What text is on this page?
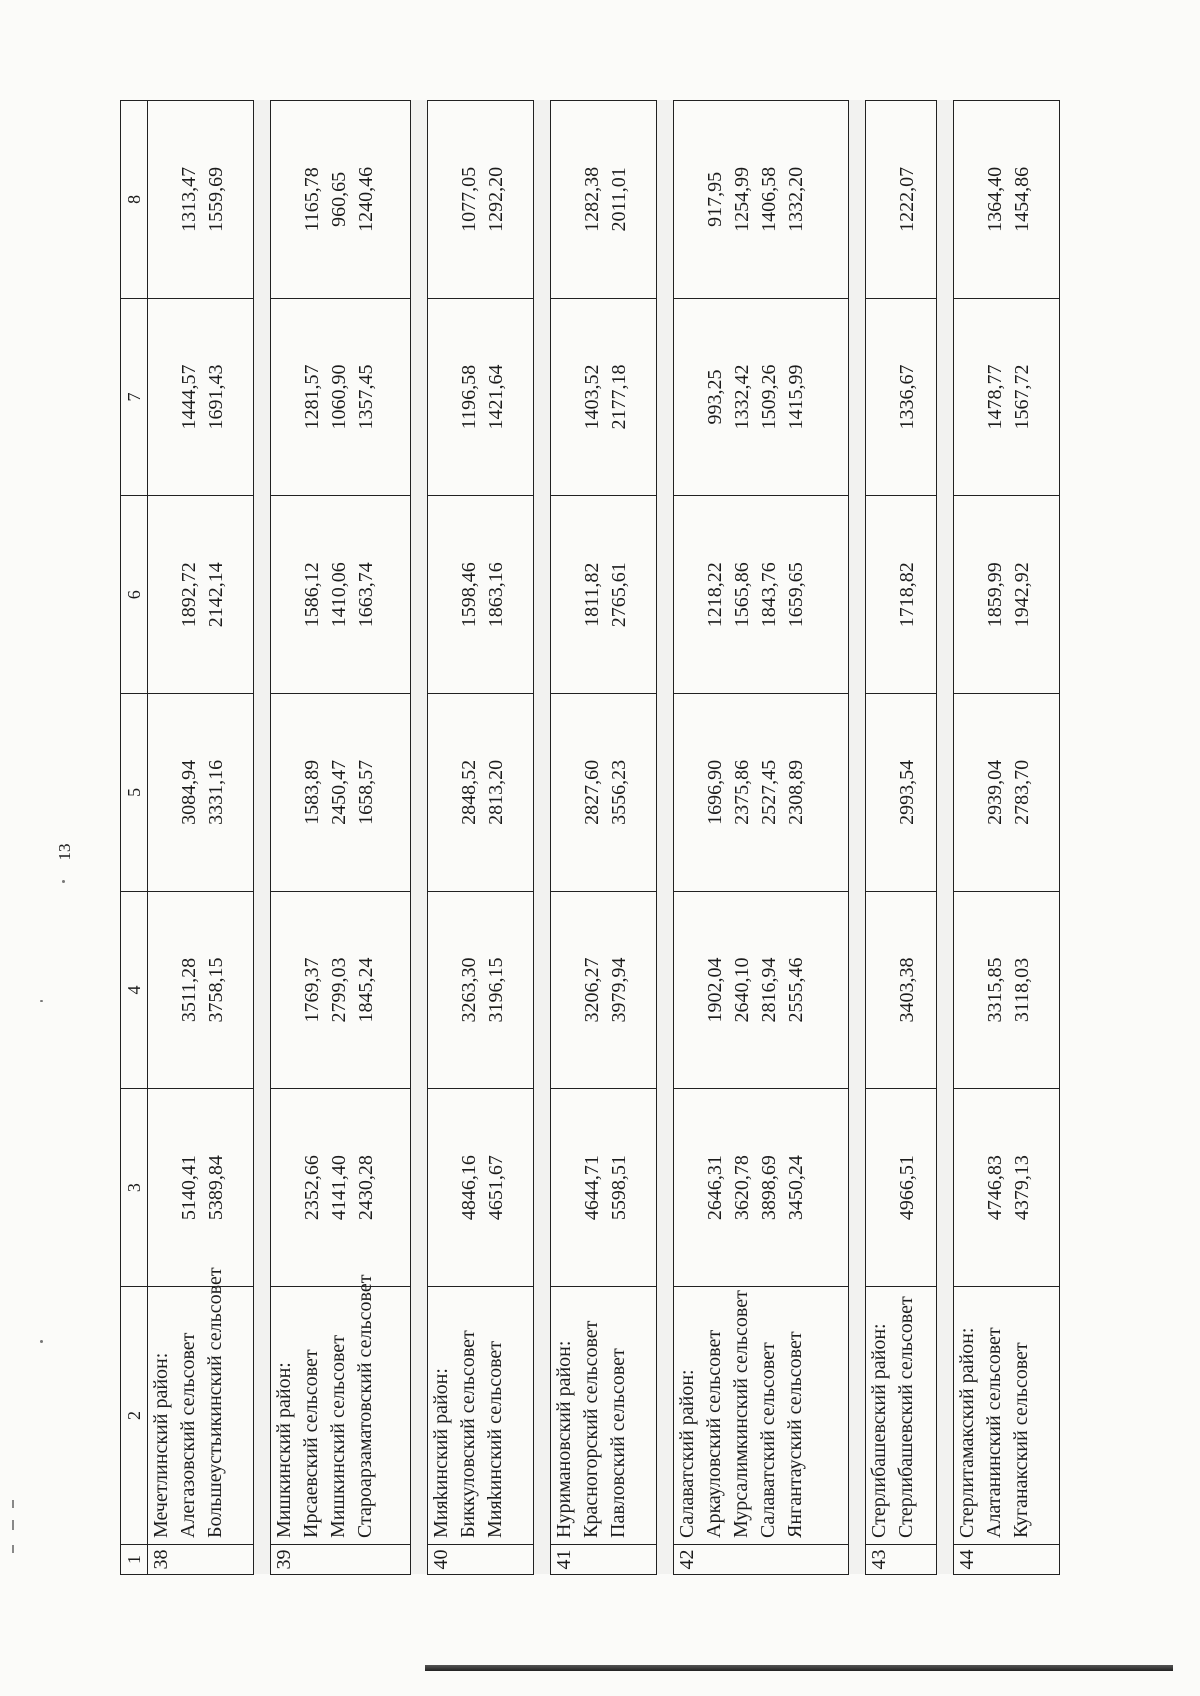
13
1	2	3	4	5	6	7	8
38	Мечетлинский район: Алегазовский сельсовет Большеустьикинский сельсовет	5140,41 5389,84	3511,28 3758,15	3084,94 3331,16	1892,72 2142,14	1444,57 1691,43	1313,47 1559,69

39	Мишкинский район: Ирсаевский сельсовет Мишкинский сельсовет Староарзаматовский сельсовет	2352,66 4141,40 2430,28	1769,37 2799,03 1845,24	1583,89 2450,47 1658,57	1586,12 1410,06 1663,74	1281,57 1060,90 1357,45	1165,78 960,65 1240,46

40	Мияkинский район: Биккуловский сельсовет Мияkинский сельсовет	4846,16 4651,67	3263,30 3196,15	2848,52 2813,20	1598,46 1863,16	1196,58 1421,64	1077,05 1292,20

41	Нуримановский район: Красногорский сельсовет Павловский сельсовет	4644,71 5598,51	3206,27 3979,94	2827,60 3556,23	1811,82 2765,61	1403,52 2177,18	1282,38 2011,01

42	Салаватский район: Аркауловский сельсовет Мурсалимкинский сельсовет Салаватский сельсовет Янгантауский сельсовет	2646,31 3620,78 3898,69 3450,24	1902,04 2640,10 2816,94 2555,46	1696,90 2375,86 2527,45 2308,89	1218,22 1565,86 1843,76 1659,65	993,25 1332,42 1509,26 1415,99	917,95 1254,99 1406,58 1332,20

43	Стерлибашевский район: Стерлибашевский сельсовет	4966,51	3403,38	2993,54	1718,82	1336,67	1222,07

44	Стерлитамакский район: Алатанинский сельсовет Куганакский сельсовет	4746,83 4379,13	3315,85 3118,03	2939,04 2783,70	1859,99 1942,92	1478,77 1567,72	1364,40 1454,86
